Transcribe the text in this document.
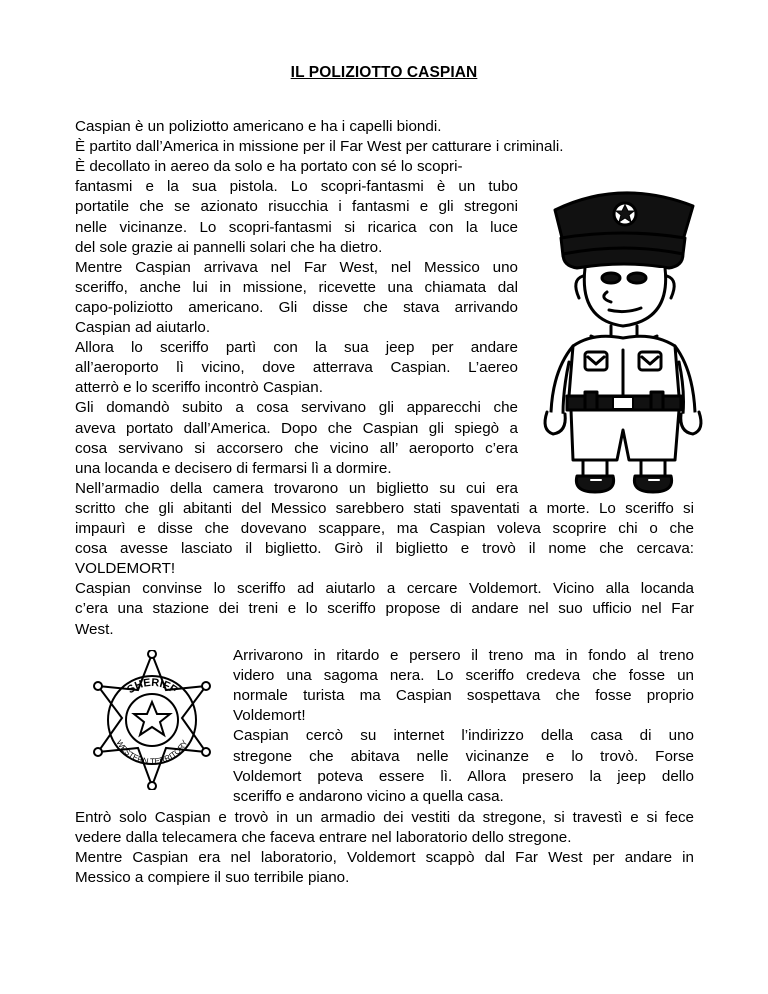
IL POLIZIOTTO CASPIAN
Caspian è un poliziotto americano e ha i capelli biondi.
È partito dall’America in missione per il Far West per catturare i criminali.
È decollato in aereo da solo e ha portato con sé lo scopri-
fantasmi e la sua pistola. Lo scopri-fantasmi è un tubo
portatile che se azionato risucchia i fantasmi e gli stregoni
nelle vicinanze. Lo scopri-fantasmi si ricarica con la luce
del sole grazie ai pannelli solari che ha dietro.
Mentre Caspian arrivava nel Far West, nel Messico uno
sceriffo, anche lui in missione, ricevette una chiamata dal
capo-poliziotto americano. Gli disse che stava arrivando
Caspian ad aiutarlo.
Allora lo sceriffo partì con la sua jeep per andare
all’aeroporto lì vicino, dove atterrava Caspian. L’aereo
atterrò e lo sceriffo incontrò Caspian.
Gli domandò subito a cosa servivano gli apparecchi che
aveva portato dall’America. Dopo che Caspian gli spiegò a
cosa servivano si accorsero che vicino all’ aeroporto c’era
una locanda e decisero di fermarsi lì a dormire.
Nell’armadio della camera trovarono un biglietto su cui era
scritto che gli abitanti del Messico sarebbero stati spaventati a morte. Lo sceriffo si
impaurì e disse che dovevano scappare, ma Caspian voleva scoprire chi o che
cosa avesse lasciato il biglietto. Girò il biglietto e trovò il nome che cercava:
VOLDEMORT!
Caspian convinse lo sceriffo ad aiutarlo a cercare Voldemort. Vicino alla locanda
c’era una stazione dei treni e lo sceriffo propose di andare nel suo ufficio nel Far
West.
Arrivarono in ritardo e persero il treno ma in fondo al treno
videro una sagoma nera. Lo sceriffo credeva che fosse un
normale turista ma Caspian sospettava che fosse proprio
Voldemort!
Caspian cercò su internet l’indirizzo della casa di uno
stregone che abitava nelle vicinanze e lo trovò. Forse
Voldemort poteva essere lì. Allora presero la jeep dello
sceriffo e andarono vicino a quella casa.
Entrò solo Caspian e trovò in un armadio dei vestiti da stregone, si travestì e si fece
vedere dalla telecamera che faceva entrare nel laboratorio dello stregone.
Mentre Caspian era nel laboratorio, Voldemort scappò dal Far West per andare in
Messico a compiere il suo terribile piano.
SHERIFF
WESTERN TERRITORY
